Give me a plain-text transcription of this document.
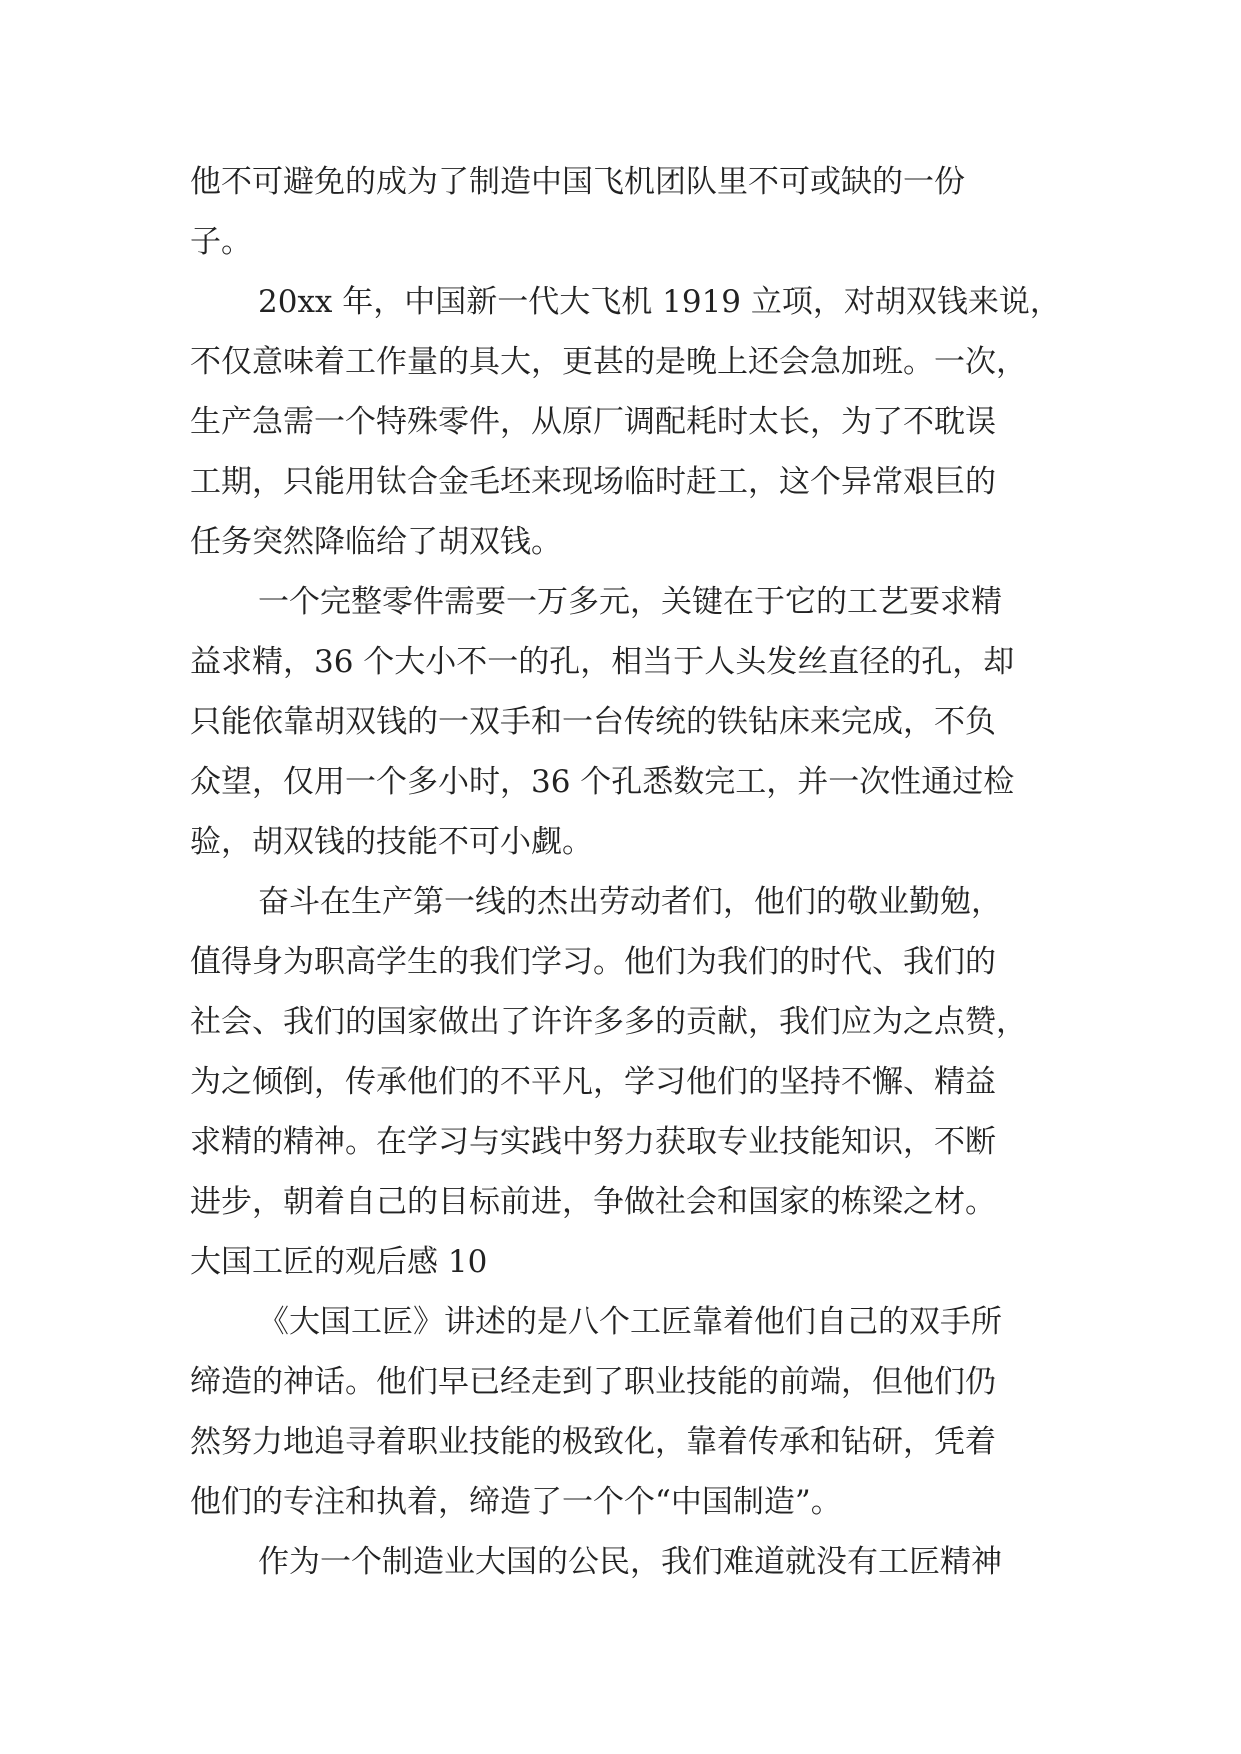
他不可避免的成为了制造中国飞机团队里不可或缺的一份
子。
20xx 年，中国新一代大飞机 1919 立项，对胡双钱来说，
不仅意味着工作量的具大，更甚的是晚上还会急加班。一次，
生产急需一个特殊零件，从原厂调配耗时太长，为了不耽误
工期，只能用钛合金毛坯来现场临时赶工，这个异常艰巨的
任务突然降临给了胡双钱。
一个完整零件需要一万多元，关键在于它的工艺要求精
益求精，36 个大小不一的孔，相当于人头发丝直径的孔，却
只能依靠胡双钱的一双手和一台传统的铁钻床来完成，不负
众望，仅用一个多小时，36 个孔悉数完工，并一次性通过检
验，胡双钱的技能不可小觑。
奋斗在生产第一线的杰出劳动者们，他们的敬业勤勉，
值得身为职高学生的我们学习。他们为我们的时代、我们的
社会、我们的国家做出了许许多多的贡献，我们应为之点赞，
为之倾倒，传承他们的不平凡，学习他们的坚持不懈、精益
求精的精神。在学习与实践中努力获取专业技能知识，不断
进步，朝着自己的目标前进，争做社会和国家的栋梁之材。
大国工匠的观后感 10
《大国工匠》讲述的是八个工匠靠着他们自己的双手所
缔造的神话。他们早已经走到了职业技能的前端，但他们仍
然努力地追寻着职业技能的极致化，靠着传承和钻研，凭着
他们的专注和执着，缔造了一个个“中国制造”。
作为一个制造业大国的公民，我们难道就没有工匠精神
